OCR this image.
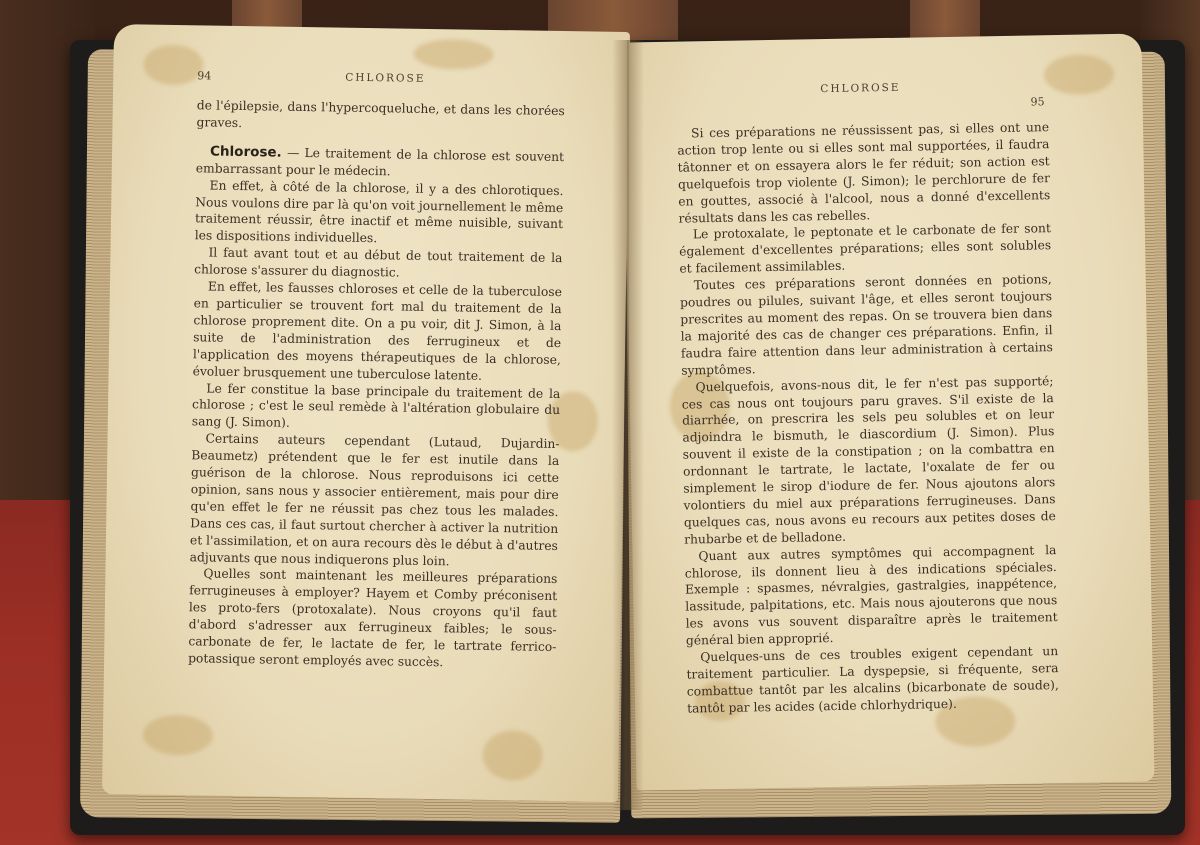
94	CHLOROSE

de l'épilepsie, dans l'hypercoqueluche, et dans les chorées graves.

Chlorose. — Le traitement de la chlorose est souvent embarrassant pour le médecin.

En effet, à côté de la chlorose, il y a des chlorotiques. Nous voulons dire par là qu'on voit journellement le même traitement réussir, être inactif et même nuisible, suivant les dispositions individuelles.

Il faut avant tout et au début de tout traitement de la chlorose s'assurer du diagnostic.

En effet, les fausses chloroses et celle de la tuberculose en particulier se trouvent fort mal du traitement de la chlorose proprement dite. On a pu voir, dit J. Simon, à la suite de l'administration des ferrugineux et de l'application des moyens thérapeutiques de la chlorose, évoluer brusquement une tuberculose latente.

Le fer constitue la base principale du traitement de la chlorose ; c'est le seul remède à l'altération globulaire du sang (J. Simon).

Certains auteurs cependant (Lutaud, Dujardin-Beaumetz) prétendent que le fer est inutile dans la guérison de la chlorose. Nous reproduisons ici cette opinion, sans nous y associer entièrement, mais pour dire qu'en effet le fer ne réussit pas chez tous les malades. Dans ces cas, il faut surtout chercher à activer la nutrition et l'assimilation, et on aura recours dès le début à d'autres adjuvants que nous indiquerons plus loin.

Quelles sont maintenant les meilleures préparations ferrugineuses à employer? Hayem et Comby préconisent les proto-fers (protoxalate). Nous croyons qu'il faut d'abord s'adresser aux ferrugineux faibles; le sous-carbonate de fer, le lactate de fer, le tartrate ferrico-potassique seront employés avec succès.

CHLOROSE
95

Si ces préparations ne réussissent pas, si elles ont une action trop lente ou si elles sont mal supportées, il faudra tâtonner et on essayera alors le fer réduit; son action est quelquefois trop violente (J. Simon); le perchlorure de fer en gouttes, associé à l'alcool, nous a donné d'excellents résultats dans les cas rebelles.

Le protoxalate, le peptonate et le carbonate de fer sont également d'excellentes préparations; elles sont solubles et facilement assimilables.

Toutes ces préparations seront données en potions, poudres ou pilules, suivant l'âge, et elles seront toujours prescrites au moment des repas. On se trouvera bien dans la majorité des cas de changer ces préparations. Enfin, il faudra faire attention dans leur administration à certains symptômes.

Quelquefois, avons-nous dit, le fer n'est pas supporté; ces cas nous ont toujours paru graves. S'il existe de la diarrhée, on prescrira les sels peu solubles et on leur adjoindra le bismuth, le diascordium (J. Simon). Plus souvent il existe de la constipation ; on la combattra en ordonnant le tartrate, le lactate, l'oxalate de fer ou simplement le sirop d'iodure de fer. Nous ajoutons alors volontiers du miel aux préparations ferrugineuses. Dans quelques cas, nous avons eu recours aux petites doses de rhubarbe et de belladone.

Quant aux autres symptômes qui accompagnent la chlorose, ils donnent lieu à des indications spéciales. Exemple : spasmes, névralgies, gastralgies, inappétence, lassitude, palpitations, etc. Mais nous ajouterons que nous les avons vus souvent disparaître après le traitement général bien approprié.

Quelques-uns de ces troubles exigent cependant un traitement particulier. La dyspepsie, si fréquente, sera combattue tantôt par les alcalins (bicarbonate de soude), tantôt par les acides (acide chlorhydrique).
